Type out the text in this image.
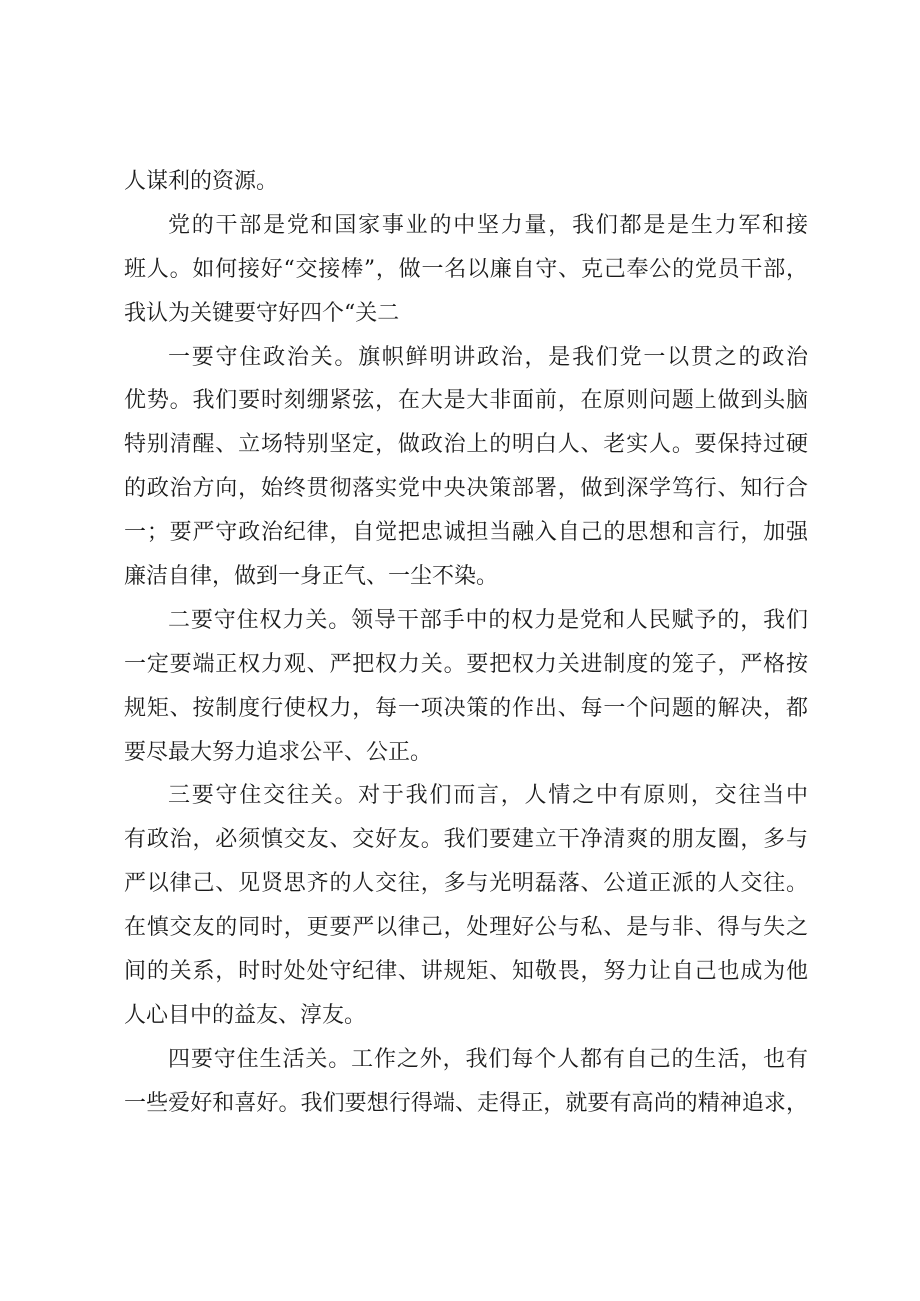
人谋利的资源。
党的干部是党和国家事业的中坚力量，我们都是是生力军和接
班人。如何接好“交接棒”，做一名以廉自守、克己奉公的党员干部，
我认为关键要守好四个“关二
一要守住政治关。旗帜鲜明讲政治，是我们党一以贯之的政治
优势。我们要时刻绷紧弦，在大是大非面前，在原则问题上做到头脑
特别清醒、立场特别坚定，做政治上的明白人、老实人。要保持过硬
的政治方向，始终贯彻落实党中央决策部署，做到深学笃行、知行合
一；要严守政治纪律，自觉把忠诚担当融入自己的思想和言行，加强
廉洁自律，做到一身正气、一尘不染。
二要守住权力关。领导干部手中的权力是党和人民赋予的，我们
一定要端正权力观、严把权力关。要把权力关进制度的笼子，严格按
规矩、按制度行使权力，每一项决策的作出、每一个问题的解决，都
要尽最大努力追求公平、公正。
三要守住交往关。对于我们而言，人情之中有原则，交往当中
有政治，必须慎交友、交好友。我们要建立干净清爽的朋友圈，多与
严以律己、见贤思齐的人交往，多与光明磊落、公道正派的人交往。
在慎交友的同时，更要严以律己，处理好公与私、是与非、得与失之
间的关系，时时处处守纪律、讲规矩、知敬畏，努力让自己也成为他
人心目中的益友、淳友。
四要守住生活关。工作之外，我们每个人都有自己的生活，也有
一些爱好和喜好。我们要想行得端、走得正，就要有高尚的精神追求，
